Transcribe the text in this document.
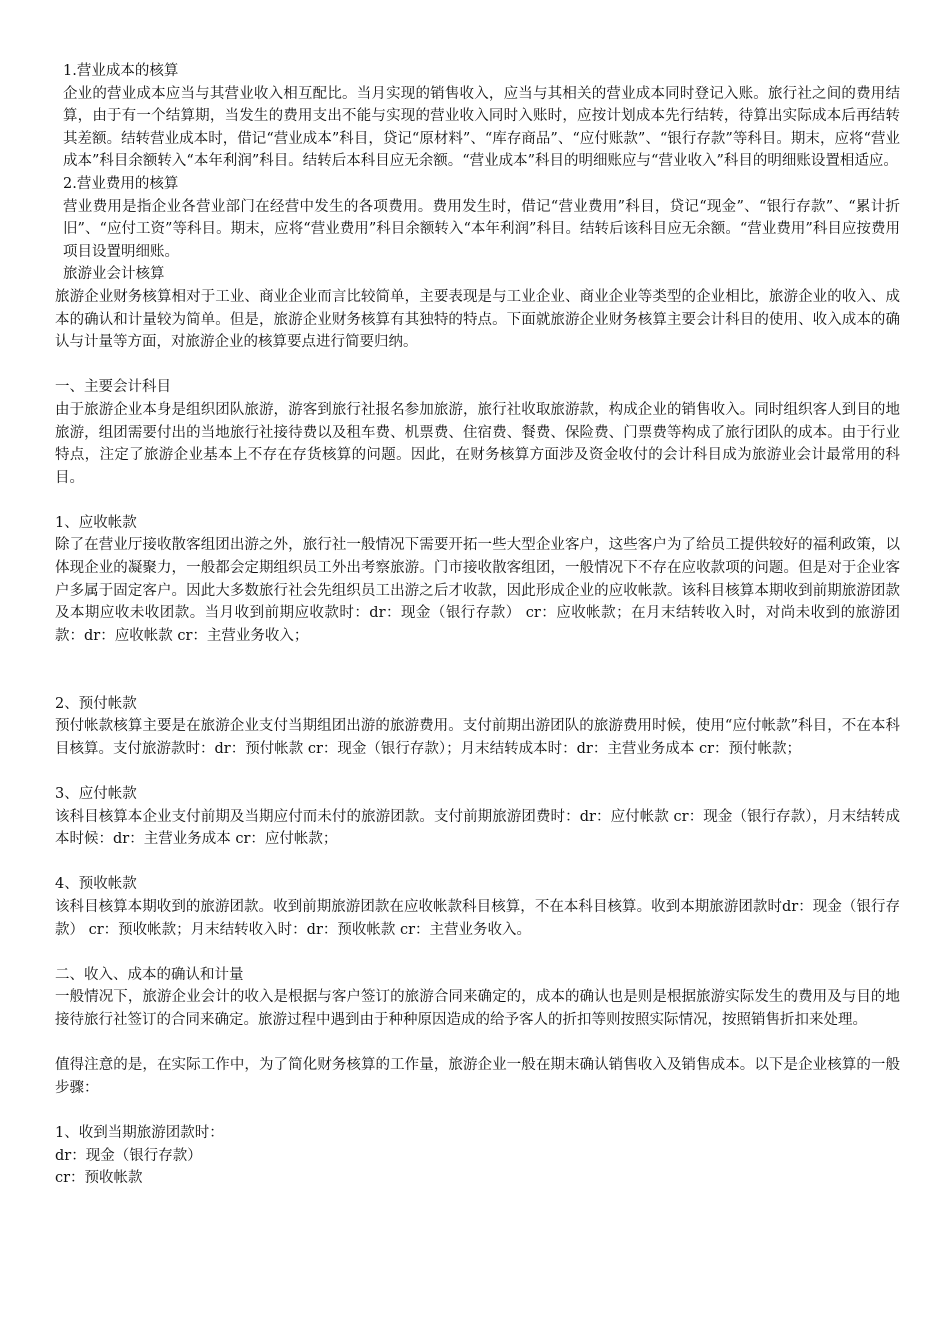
1.营业成本的核算

企业的营业成本应当与其营业收入相互配比。当月实现的销售收入，应当与其相关的营业成本同时登记入账。旅行社之间的费用结算，由于有一个结算期，当发生的费用支出不能与实现的营业收入同时入账时，应按计划成本先行结转，待算出实际成本后再结转其差额。结转营业成本时，借记“营业成本”科目，贷记“原材料”、“库存商品”、“应付账款”、“银行存款”等科目。期末，应将“营业成本”科目余额转入“本年利润”科目。结转后本科目应无余额。“营业成本”科目的明细账应与“营业收入”科目的明细账设置相适应。

2.营业费用的核算

营业费用是指企业各营业部门在经营中发生的各项费用。费用发生时，借记“营业费用”科目，贷记“现金”、“银行存款”、“累计折旧”、“应付工资”等科目。期末，应将“营业费用”科目余额转入“本年利润”科目。结转后该科目应无余额。“营业费用”科目应按费用项目设置明细账。

旅游业会计核算

旅游企业财务核算相对于工业、商业企业而言比较简单，主要表现是与工业企业、商业企业等类型的企业相比，旅游企业的收入、成本的确认和计量较为简单。但是，旅游企业财务核算有其独特的特点。下面就旅游企业财务核算主要会计科目的使用、收入成本的确认与计量等方面，对旅游企业的核算要点进行简要归纳。

一、主要会计科目

由于旅游企业本身是组织团队旅游，游客到旅行社报名参加旅游，旅行社收取旅游款，构成企业的销售收入。同时组织客人到目的地旅游，组团需要付出的当地旅行社接待费以及租车费、机票费、住宿费、餐费、保险费、门票费等构成了旅行团队的成本。由于行业特点，注定了旅游企业基本上不存在存货核算的问题。因此，在财务核算方面涉及资金收付的会计科目成为旅游业会计最常用的科目。

1、应收帐款

除了在营业厅接收散客组团出游之外，旅行社一般情况下需要开拓一些大型企业客户，这些客户为了给员工提供较好的福利政策，以体现企业的凝聚力，一般都会定期组织员工外出考察旅游。门市接收散客组团，一般情况下不存在应收款项的问题。但是对于企业客户多属于固定客户。因此大多数旅行社会先组织员工出游之后才收款，因此形成企业的应收帐款。该科目核算本期收到前期旅游团款及本期应收未收团款。当月收到前期应收款时：dr：现金（银行存款） cr：应收帐款；在月末结转收入时，对尚未收到的旅游团款：dr：应收帐款 cr：主营业务收入；

2、预付帐款

预付帐款核算主要是在旅游企业支付当期组团出游的旅游费用。支付前期出游团队的旅游费用时候，使用“应付帐款”科目，不在本科目核算。支付旅游款时：dr：预付帐款 cr：现金（银行存款）；月末结转成本时：dr：主营业务成本 cr：预付帐款；

3、应付帐款

该科目核算本企业支付前期及当期应付而未付的旅游团款。支付前期旅游团费时：dr：应付帐款 cr：现金（银行存款），月末结转成本时候：dr：主营业务成本 cr：应付帐款；

4、预收帐款

该科目核算本期收到的旅游团款。收到前期旅游团款在应收帐款科目核算，不在本科目核算。收到本期旅游团款时dr：现金（银行存款） cr：预收帐款；月末结转收入时：dr：预收帐款 cr：主营业务收入。

二、收入、成本的确认和计量

一般情况下，旅游企业会计的收入是根据与客户签订的旅游合同来确定的，成本的确认也是则是根据旅游实际发生的费用及与目的地接待旅行社签订的合同来确定。旅游过程中遇到由于种种原因造成的给予客人的折扣等则按照实际情况，按照销售折扣来处理。

值得注意的是，在实际工作中，为了简化财务核算的工作量，旅游企业一般在期末确认销售收入及销售成本。以下是企业核算的一般步骤：

1、收到当期旅游团款时：

dr：现金（银行存款）

cr：预收帐款
